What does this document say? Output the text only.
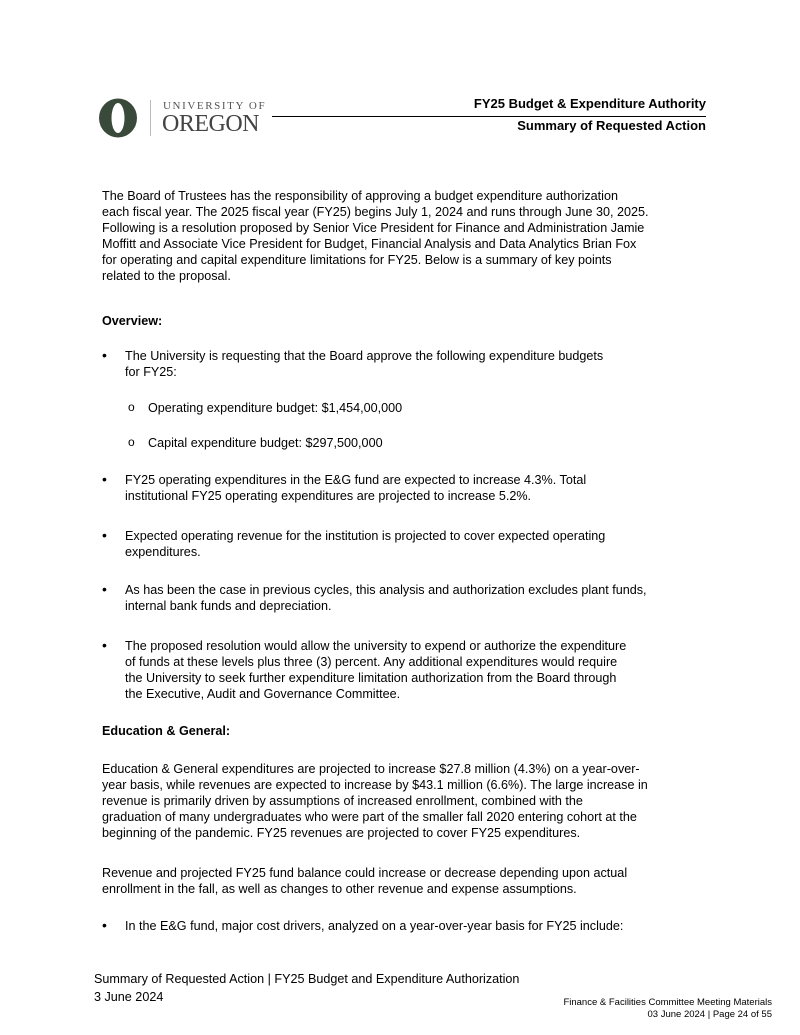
UNIVERSITY OF
OREGON
FY25 Budget & Expenditure Authority
Summary of Requested Action
The Board of Trustees has the responsibility of approving a budget expenditure authorization
each fiscal year. The 2025 fiscal year (FY25) begins July 1, 2024 and runs through June 30, 2025.
Following is a resolution proposed by Senior Vice President for Finance and Administration Jamie
Moffitt and Associate Vice President for Budget, Financial Analysis and Data Analytics Brian Fox
for operating and capital expenditure limitations for FY25. Below is a summary of key points
related to the proposal.
Overview:
• The University is requesting that the Board approve the following expenditure budgets
for FY25:
o Operating expenditure budget: $1,454,00,000
o Capital expenditure budget: $297,500,000
• FY25 operating expenditures in the E&G fund are expected to increase 4.3%. Total
institutional FY25 operating expenditures are projected to increase 5.2%.
• Expected operating revenue for the institution is projected to cover expected operating
expenditures.
• As has been the case in previous cycles, this analysis and authorization excludes plant funds,
internal bank funds and depreciation.
• The proposed resolution would allow the university to expend or authorize the expenditure
of funds at these levels plus three (3) percent. Any additional expenditures would require
the University to seek further expenditure limitation authorization from the Board through
the Executive, Audit and Governance Committee.
Education & General:
Education & General expenditures are projected to increase $27.8 million (4.3%) on a year-over-
year basis, while revenues are expected to increase by $43.1 million (6.6%). The large increase in
revenue is primarily driven by assumptions of increased enrollment, combined with the
graduation of many undergraduates who were part of the smaller fall 2020 entering cohort at the
beginning of the pandemic. FY25 revenues are projected to cover FY25 expenditures.
Revenue and projected FY25 fund balance could increase or decrease depending upon actual
enrollment in the fall, as well as changes to other revenue and expense assumptions.
• In the E&G fund, major cost drivers, analyzed on a year-over-year basis for FY25 include:
Summary of Requested Action | FY25 Budget and Expenditure Authorization
3 June 2024	Finance & Facilities Committee Meeting Materials
03 June 2024 | Page 24 of 55
